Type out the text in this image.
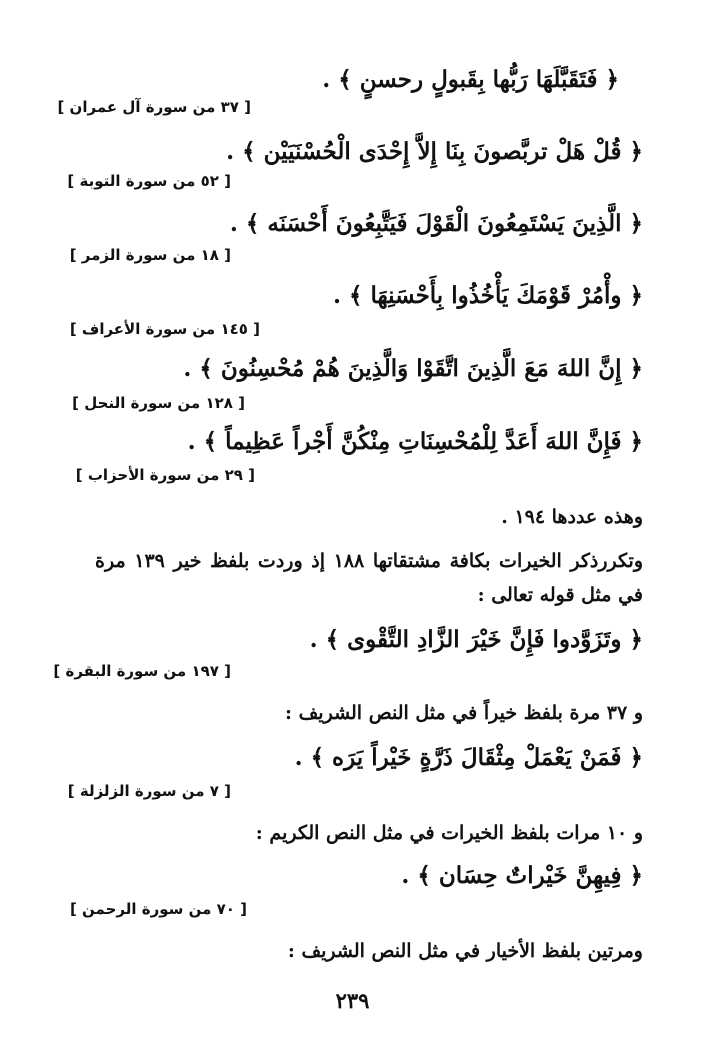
﴿ فَتَقَبَّلَهَا رَبُّها بِقَبولٍ رحسنٍ ﴾ .
[ ٣٧ من سورة آل عمران ]
﴿ قُلْ هَلْ تربَّصونَ بِنَا إِلاَّ إِحْدَى الْحُسْنَيَيْن ﴾ .
[ ٥٢ من سورة التوبة ]
﴿ الَّذِينَ يَسْتَمِعُونَ الْقَوْلَ فَيَتَّبِعُونَ أَحْسَنَه ﴾ .
[ ١٨ من سورة الزمر ]
﴿ وأْمُرْ قَوْمَكَ يَأْخُذُوا بِأَحْسَنِهَا ﴾ .
[ ١٤٥ من سورة الأعراف ]
﴿ إِنَّ اللهَ مَعَ الَّذِينَ اتَّقَوْا وَالَّذِينَ هُمْ مُحْسِنُونَ ﴾ .
[ ١٢٨ من سورة النحل ]
﴿ فَإِنَّ اللهَ أَعَدَّ لِلْمُحْسِنَاتِ مِنْكُنَّ أَجْراً عَظِيماً ﴾ .
[ ٢٩ من سورة الأحزاب ]
وهذه عددها ١٩٤ .
وتكررذكر الخيرات بكافة مشتقاتها ١٨٨ إذ وردت بلفظ خير ١٣٩ مرة
في مثل قوله تعالى :
﴿ وتَزَوَّدوا فَإِنَّ خَيْرَ الزَّادِ التَّقْوى ﴾ .
[ ١٩٧ من سورة البقرة ]
و ٣٧ مرة بلفظ خيراً في مثل النص الشريف :
﴿ فَمَنْ يَعْمَلْ مِثْقَالَ ذَرَّةٍ خَيْراً يَرَه ﴾ .
[ ٧ من سورة الزلزلة ]
و ١٠ مرات بلفظ الخيرات في مثل النص الكريم :
﴿ فِيهِنَّ خَيْراتٌ حِسَان ﴾ .
[ ٧٠ من سورة الرحمن ]
ومرتين بلفظ الأخيار في مثل النص الشريف :
٢٣٩
